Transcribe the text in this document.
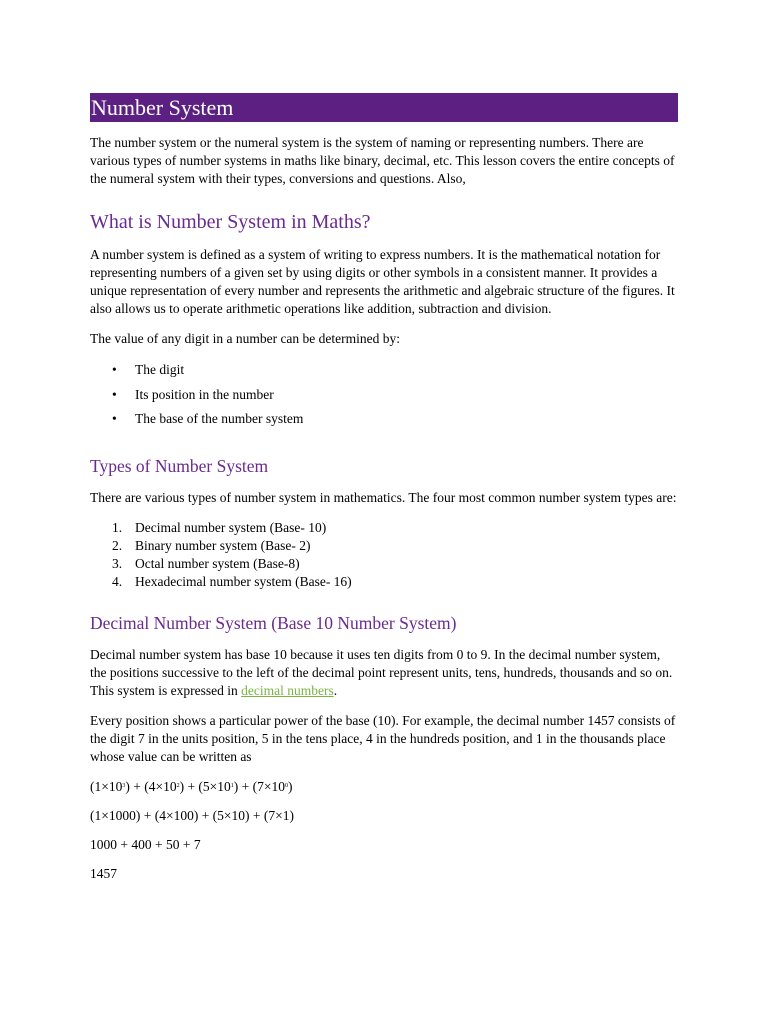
Number System

The number system or the numeral system is the system of naming or representing numbers. There are various types of number systems in maths like binary, decimal, etc. This lesson covers the entire concepts of the numeral system with their types, conversions and questions. Also,

What is Number System in Maths?

A number system is defined as a system of writing to express numbers. It is the mathematical notation for representing numbers of a given set by using digits or other symbols in a consistent manner. It provides a unique representation of every number and represents the arithmetic and algebraic structure of the figures. It also allows us to operate arithmetic operations like addition, subtraction and division.

The value of any digit in a number can be determined by:

• The digit
• Its position in the number
• The base of the number system
Types of Number System

There are various types of number system in mathematics. The four most common number system types are:

1. Decimal number system (Base- 10)
2. Binary number system (Base- 2)
3. Octal number system (Base-8)
4. Hexadecimal number system (Base- 16)
Decimal Number System (Base 10 Number System)

Decimal number system has base 10 because it uses ten digits from 0 to 9. In the decimal number system, the positions successive to the left of the decimal point represent units, tens, hundreds, thousands and so on. This system is expressed in decimal numbers.

Every position shows a particular power of the base (10). For example, the decimal number 1457 consists of the digit 7 in the units position, 5 in the tens place, 4 in the hundreds position, and 1 in the thousands place whose value can be written as

$(1\times 10^3) + (4\times 10^2) + (5\times 10^1) + (7\times 10^0)$

(1×1000) + (4×100) + (5×10) + (7×1)

1000 + 400 + 50 + 7

1457
